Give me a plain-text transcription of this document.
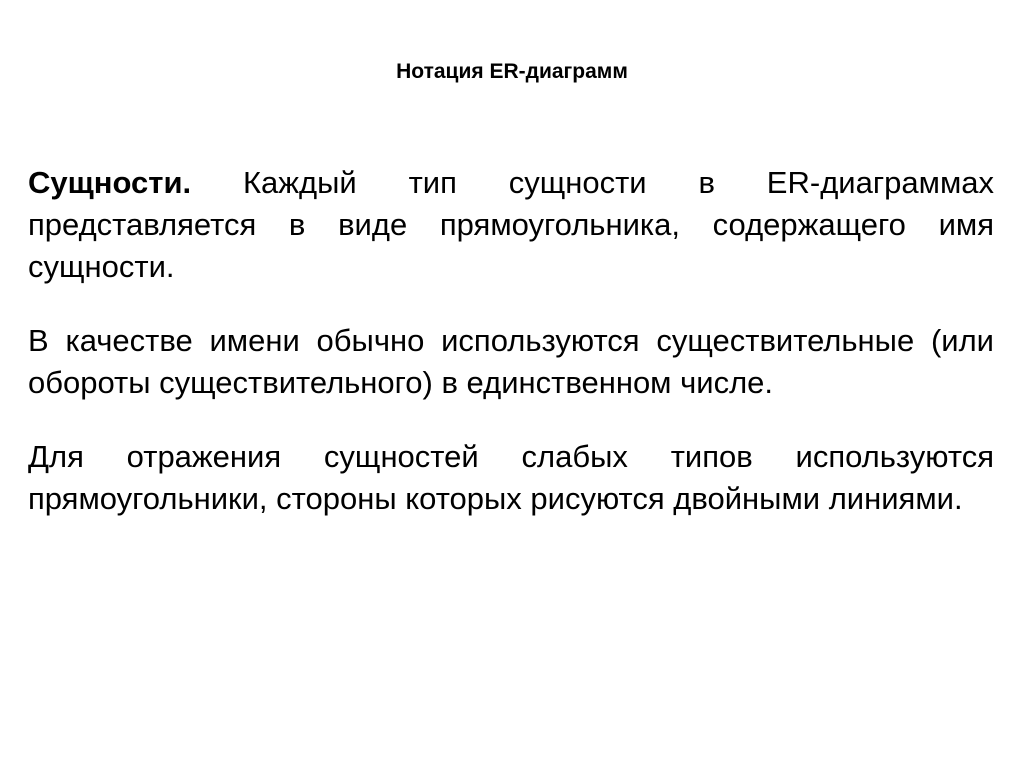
Нотация ER-диаграмм

Сущности. Каждый тип сущности в ER-диаграммах представляется в виде прямоугольника, содержащего имя сущности.

В качестве имени обычно используются существительные (или обороты существительного) в единственном числе.

Для отражения сущностей слабых типов используются прямоугольники, стороны которых рисуются двойными линиями.
